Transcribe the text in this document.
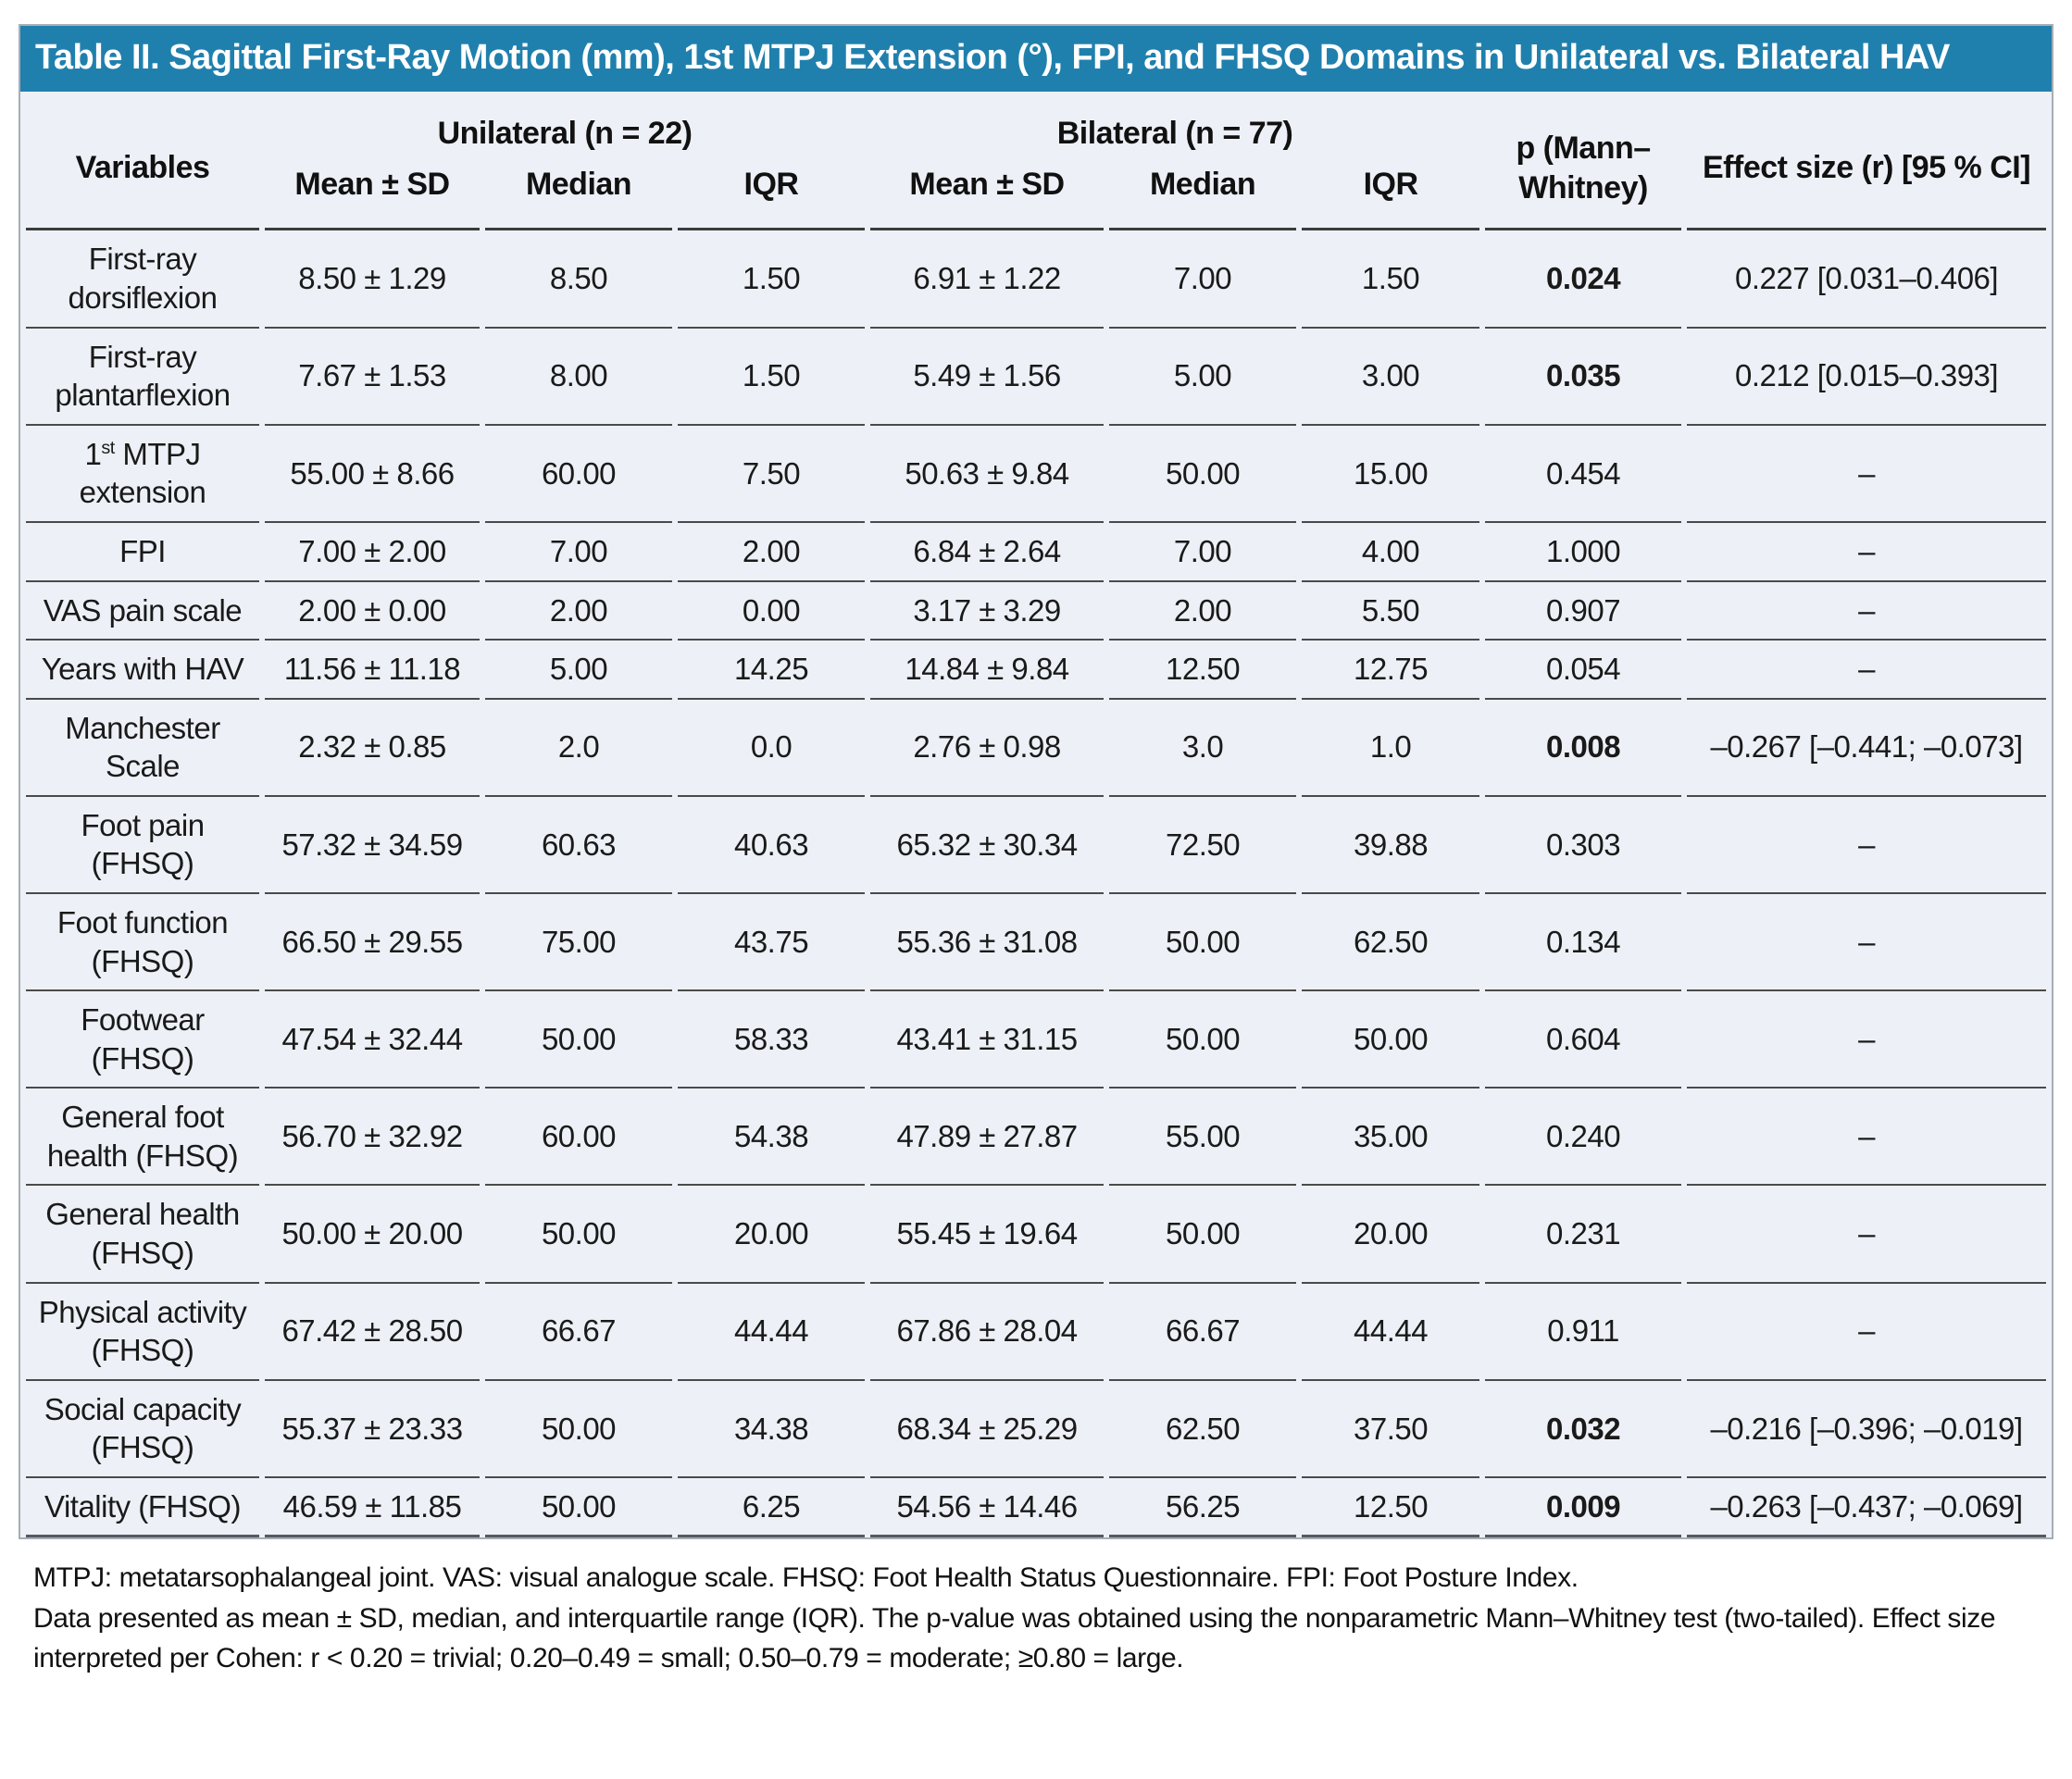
Table II. Sagittal First-Ray Motion (mm), 1st MTPJ Extension (°), FPI, and FHSQ Domains in Unilateral vs. Bilateral HAV
Variables	Unilateral (n = 22)			Bilateral (n = 77)			p (Mann–Whitney)	Effect size (r) [95 % CI]
	Mean ± SD	Median	IQR	Mean ± SD	Median	IQR		
First-ray dorsiflexion	8.50 ± 1.29	8.50	1.50	6.91 ± 1.22	7.00	1.50	0.024	0.227 [0.031–0.406]
First-ray plantarflexion	7.67 ± 1.53	8.00	1.50	5.49 ± 1.56	5.00	3.00	0.035	0.212 [0.015–0.393]
1st MTPJ extension	55.00 ± 8.66	60.00	7.50	50.63 ± 9.84	50.00	15.00	0.454	–
FPI	7.00 ± 2.00	7.00	2.00	6.84 ± 2.64	7.00	4.00	1.000	–
VAS pain scale	2.00 ± 0.00	2.00	0.00	3.17 ± 3.29	2.00	5.50	0.907	–
Years with HAV	11.56 ± 11.18	5.00	14.25	14.84 ± 9.84	12.50	12.75	0.054	–
Manchester Scale	2.32 ± 0.85	2.0	0.0	2.76 ± 0.98	3.0	1.0	0.008	–0.267 [–0.441; –0.073]
Foot pain (FHSQ)	57.32 ± 34.59	60.63	40.63	65.32 ± 30.34	72.50	39.88	0.303	–
Foot function (FHSQ)	66.50 ± 29.55	75.00	43.75	55.36 ± 31.08	50.00	62.50	0.134	–
Footwear (FHSQ)	47.54 ± 32.44	50.00	58.33	43.41 ± 31.15	50.00	50.00	0.604	–
General foot health (FHSQ)	56.70 ± 32.92	60.00	54.38	47.89 ± 27.87	55.00	35.00	0.240	–
General health (FHSQ)	50.00 ± 20.00	50.00	20.00	55.45 ± 19.64	50.00	20.00	0.231	–
Physical activity (FHSQ)	67.42 ± 28.50	66.67	44.44	67.86 ± 28.04	66.67	44.44	0.911	–
Social capacity (FHSQ)	55.37 ± 23.33	50.00	34.38	68.34 ± 25.29	62.50	37.50	0.032	–0.216 [–0.396; –0.019]
Vitality (FHSQ)	46.59 ± 11.85	50.00	6.25	54.56 ± 14.46	56.25	12.50	0.009	–0.263 [–0.437; –0.069]

MTPJ: metatarsophalangeal joint. VAS: visual analogue scale. FHSQ: Foot Health Status Questionnaire. FPI: Foot Posture Index.

Data presented as mean ± SD, median, and interquartile range (IQR). The p-value was obtained using the nonparametric Mann–Whitney test (two-tailed). Effect size interpreted per Cohen: r < 0.20 = trivial; 0.20–0.49 = small; 0.50–0.79 = moderate; ≥0.80 = large.
